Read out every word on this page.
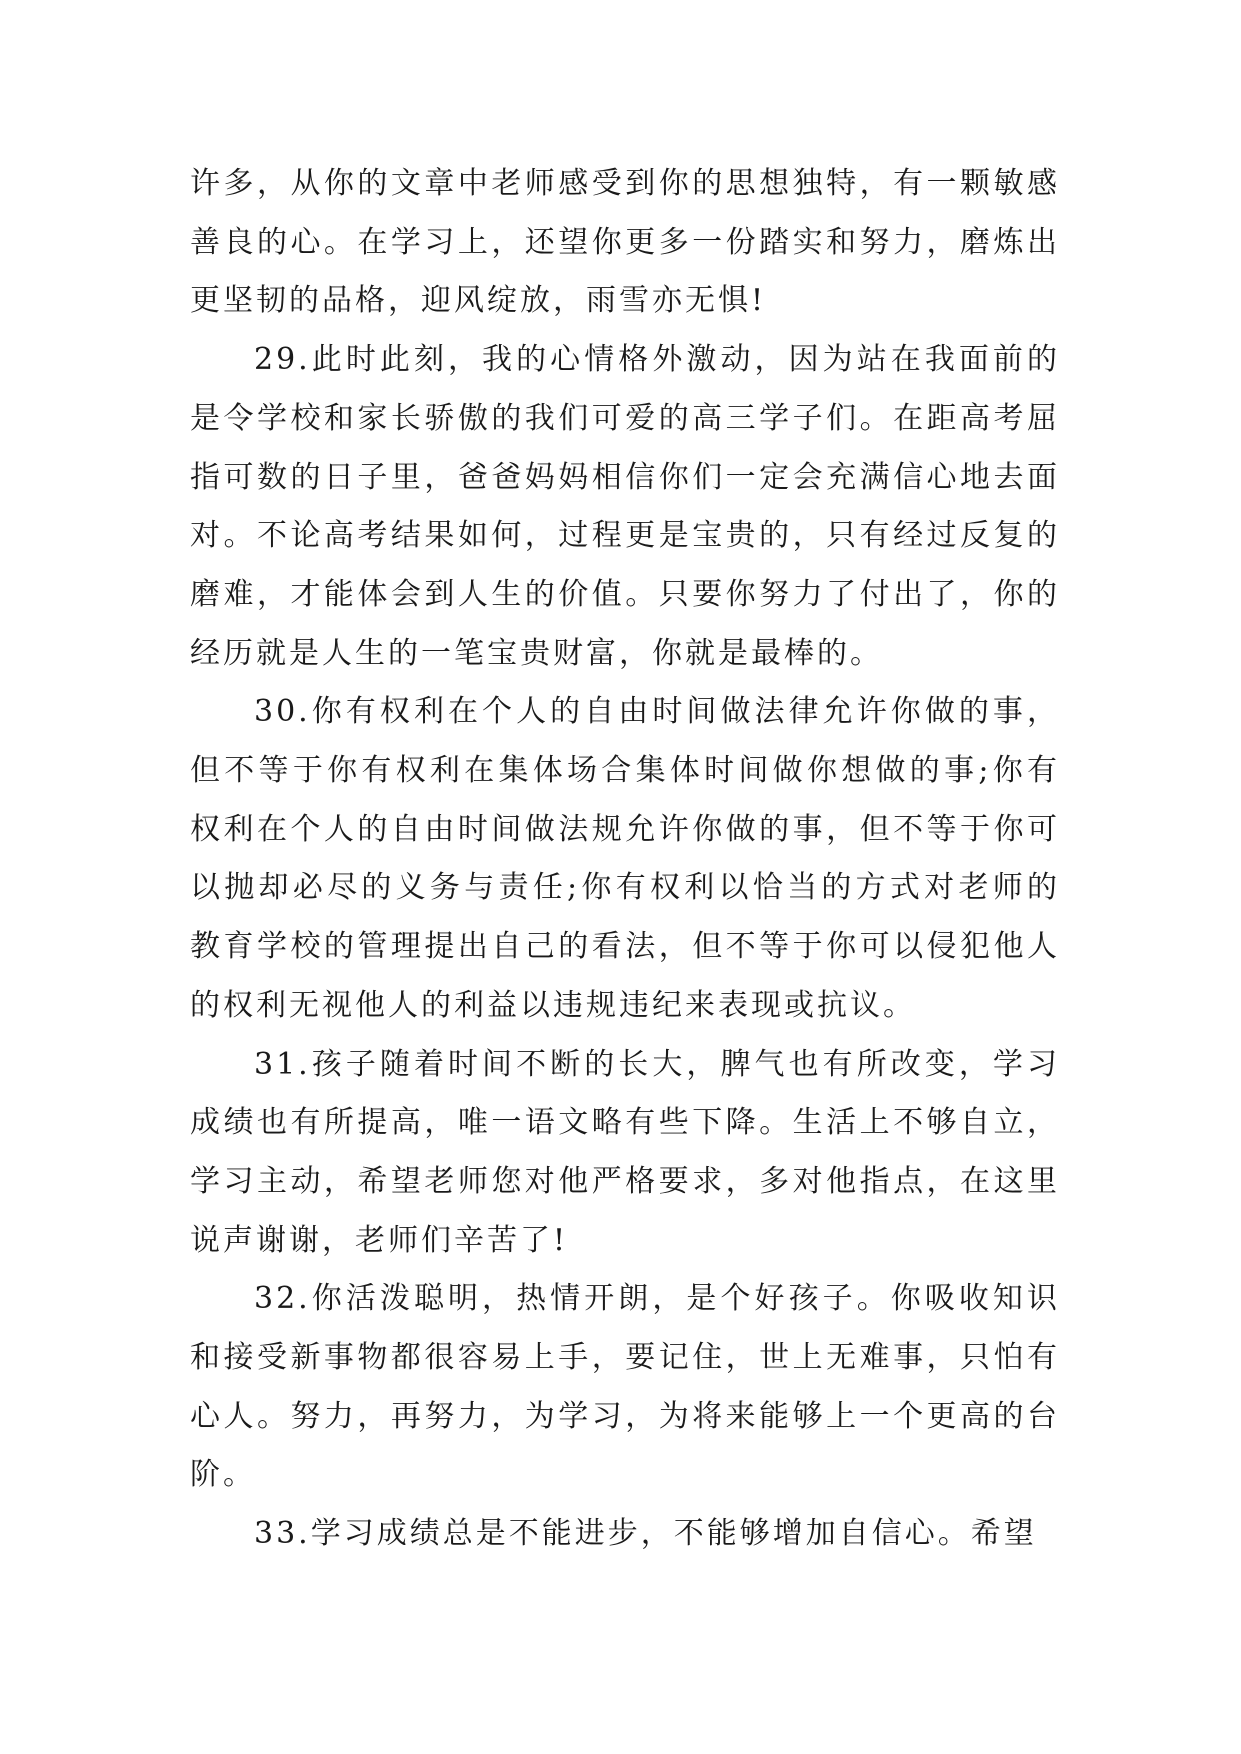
许多，从你的文章中老师感受到你的思想独特，有一颗敏感善良的心。在学习上，还望你更多一份踏实和努力，磨炼出更坚韧的品格，迎风绽放，雨雪亦无惧!

29.此时此刻，我的心情格外激动，因为站在我面前的是令学校和家长骄傲的我们可爱的高三学子们。在距高考屈指可数的日子里，爸爸妈妈相信你们一定会充满信心地去面对。不论高考结果如何，过程更是宝贵的，只有经过反复的磨难，才能体会到人生的价值。只要你努力了付出了，你的经历就是人生的一笔宝贵财富，你就是最棒的。

30.你有权利在个人的自由时间做法律允许你做的事，但不等于你有权利在集体场合集体时间做你想做的事;你有权利在个人的自由时间做法规允许你做的事，但不等于你可以抛却必尽的义务与责任;你有权利以恰当的方式对老师的教育学校的管理提出自己的看法，但不等于你可以侵犯他人的权利无视他人的利益以违规违纪来表现或抗议。

31.孩子随着时间不断的长大，脾气也有所改变，学习成绩也有所提高，唯一语文略有些下降。生活上不够自立，学习主动，希望老师您对他严格要求，多对他指点，在这里说声谢谢，老师们辛苦了!

32.你活泼聪明，热情开朗，是个好孩子。你吸收知识和接受新事物都很容易上手，要记住，世上无难事，只怕有心人。努力，再努力，为学习，为将来能够上一个更高的台阶。

33.学习成绩总是不能进步，不能够增加自信心。希望
